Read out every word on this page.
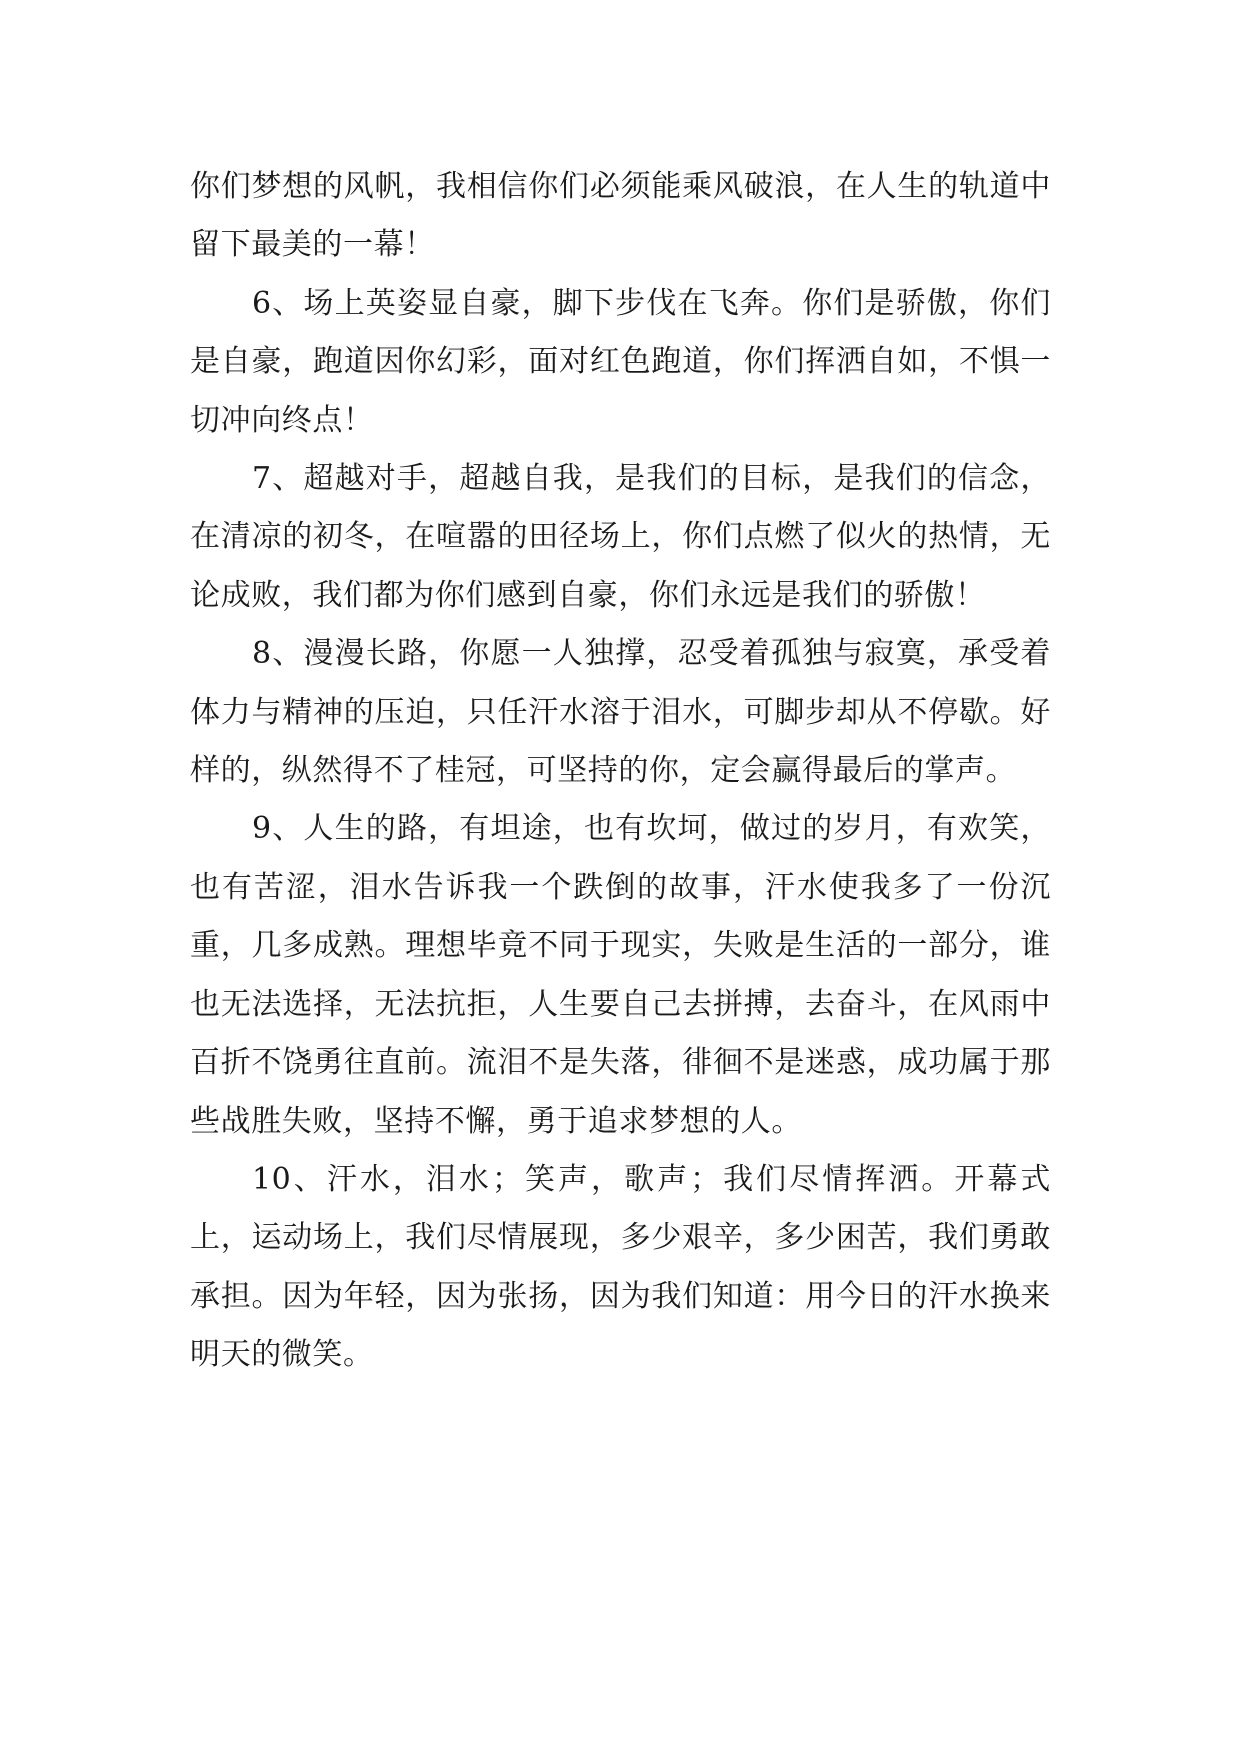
你们梦想的风帆，我相信你们必须能乘风破浪，在人生的轨道中留下最美的一幕！

6、场上英姿显自豪，脚下步伐在飞奔。你们是骄傲，你们是自豪，跑道因你幻彩，面对红色跑道，你们挥洒自如，不惧一切冲向终点！

7、超越对手，超越自我，是我们的目标，是我们的信念，在清凉的初冬，在喧嚣的田径场上，你们点燃了似火的热情，无论成败，我们都为你们感到自豪，你们永远是我们的骄傲！

8、漫漫长路，你愿一人独撑，忍受着孤独与寂寞，承受着体力与精神的压迫，只任汗水溶于泪水，可脚步却从不停歇。好样的，纵然得不了桂冠，可坚持的你，定会赢得最后的掌声。

9、人生的路，有坦途，也有坎坷，做过的岁月，有欢笑，也有苦涩，泪水告诉我一个跌倒的故事，汗水使我多了一份沉重，几多成熟。理想毕竟不同于现实，失败是生活的一部分，谁也无法选择，无法抗拒，人生要自己去拼搏，去奋斗，在风雨中百折不饶勇往直前。流泪不是失落，徘徊不是迷惑，成功属于那些战胜失败，坚持不懈，勇于追求梦想的人。

10、汗水，泪水；笑声，歌声；我们尽情挥洒。开幕式上，运动场上，我们尽情展现，多少艰辛，多少困苦，我们勇敢承担。因为年轻，因为张扬，因为我们知道：用今日的汗水换来明天的微笑。
